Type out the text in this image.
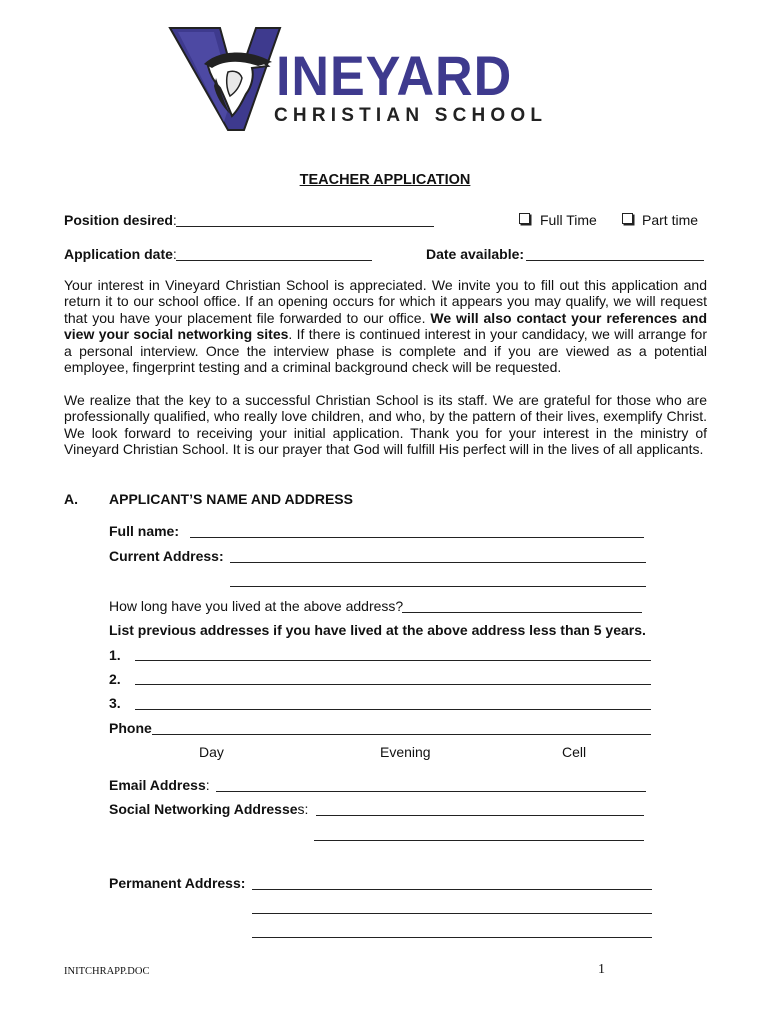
INEYARD
CHRISTIAN SCHOOL
TEACHER APPLICATION
Position desired:	Full Time	Part time
Application date:	Date available:
Your interest in Vineyard Christian School is appreciated. We invite you to fill out this application and return it to our school office. If an opening occurs for which it appears you may qualify, we will request that you have your placement file forwarded to our office. We will also contact your references and view your social networking sites. If there is continued interest in your candidacy, we will arrange for a personal interview. Once the interview phase is complete and if you are viewed as a potential employee, fingerprint testing and a criminal background check will be requested.
We realize that the key to a successful Christian School is its staff. We are grateful for those who are professionally qualified, who really love children, and who, by the pattern of their lives, exemplify Christ. We look forward to receiving your initial application. Thank you for your interest in the ministry of Vineyard Christian School. It is our prayer that God will fulfill His perfect will in the lives of all applicants.
A. APPLICANT’S NAME AND ADDRESS
Full name:
Current Address:
How long have you lived at the above address?
List previous addresses if you have lived at the above address less than 5 years.
1.
2.
3.
Phone
Day	Evening	Cell
Email Address:
Social Networking Addresses:
Permanent Address:
INITCHRAPP.DOC	1
